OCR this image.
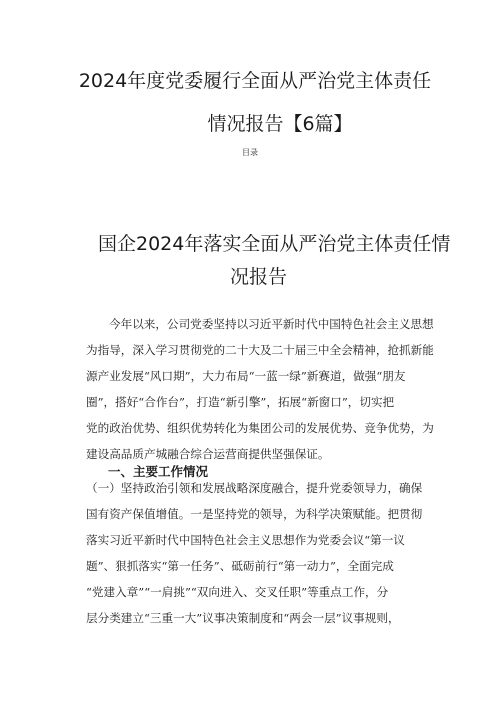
2024年度党委履行全面从严治党主体责任
情况报告【6篇】
目录
国企2024年落实全面从严治党主体责任情
况报告
今年以来，公司党委坚持以习近平新时代中国特色社会主义思想
为指导，深入学习贯彻党的二十大及二十届三中全会精神，抢抓新能
源产业发展“风口期”，大力布局“一蓝一绿”新赛道，做强“朋友
圈”，搭好“合作台”，打造“新引擎”，拓展“新窗口”，切实把
党的政治优势、组织优势转化为集团公司的发展优势、竞争优势，为
建设高品质产城融合综合运营商提供坚强保证。
一、主要工作情况
（一）坚持政治引领和发展战略深度融合，提升党委领导力，确保
国有资产保值增值。一是坚持党的领导，为科学决策赋能。把贯彻
落实习近平新时代中国特色社会主义思想作为党委会议“第一议
题”、狠抓落实“第一任务”、砥砺前行“第一动力”，全面完成
“党建入章”“一肩挑”“双向进入、交叉任职”等重点工作，分
层分类建立“三重一大”议事决策制度和“两会一层”议事规则，
